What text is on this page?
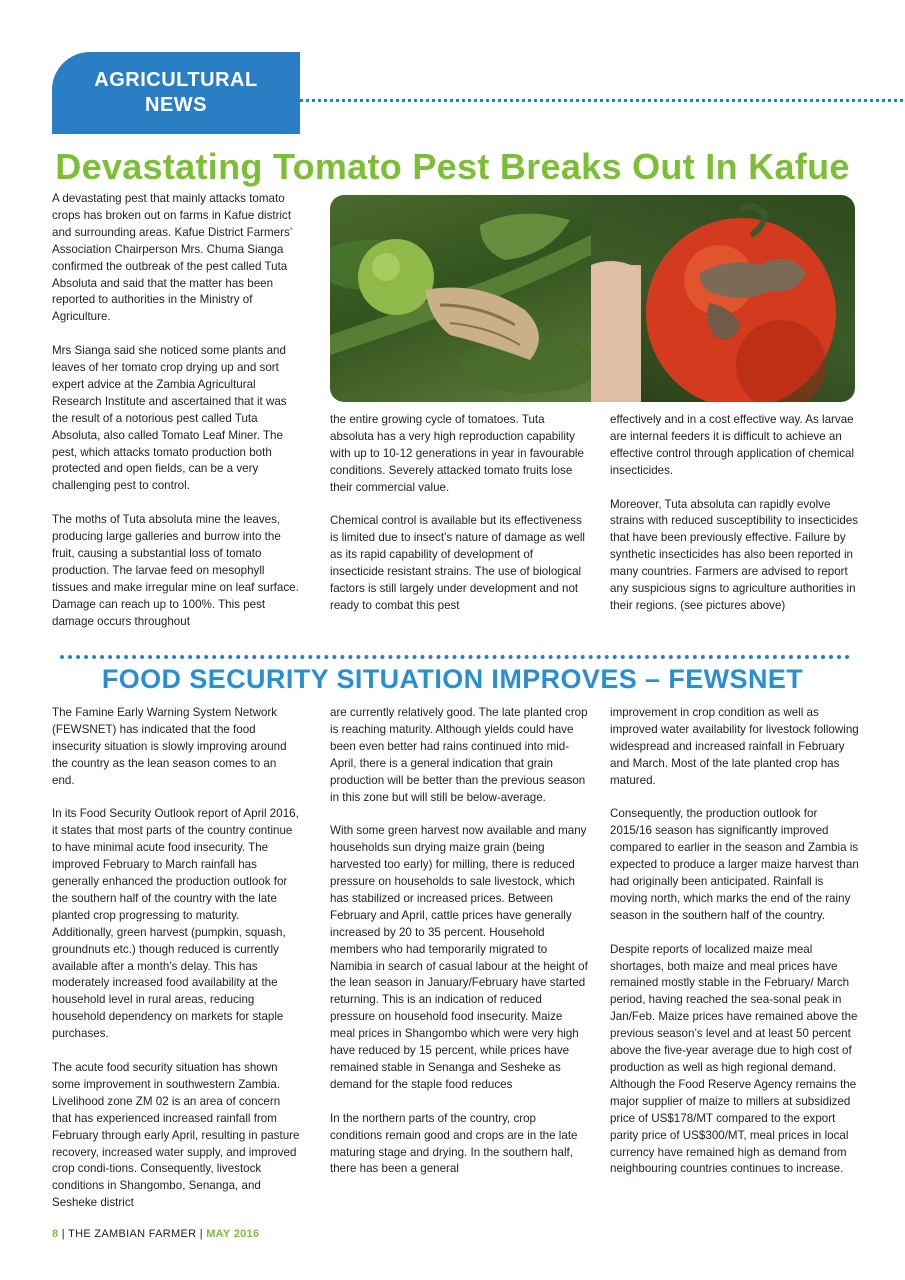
AGRICULTURAL
NEWS
Devastating Tomato Pest Breaks Out In Kafue

A devastating pest that mainly attacks tomato crops has broken out on farms in Kafue district and surrounding areas. Kafue District Farmers’ Association Chairperson Mrs. Chuma Sianga confirmed the outbreak of the pest called Tuta Absoluta and said that the matter has been reported to authorities in the Ministry of Agriculture.

Mrs Sianga said she noticed some plants and leaves of her tomato crop drying up and sort expert advice at the Zambia Agricultural Research Institute and ascertained that it was the result of a notorious pest called Tuta Absoluta, also called Tomato Leaf Miner. The pest, which attacks tomato production both protected and open fields, can be a very challenging pest to control.

The moths of Tuta absoluta mine the leaves, producing large galleries and burrow into the fruit, causing a substantial loss of tomato production. The larvae feed on mesophyll tissues and make irregular mine on leaf surface. Damage can reach up to 100%. This pest damage occurs throughout

the entire growing cycle of tomatoes. Tuta absoluta has a very high reproduction capability with up to 10-12 generations in year in favourable conditions. Severely attacked tomato fruits lose their commercial value.

Chemical control is available but its effectiveness is limited due to insect’s nature of damage as well as its rapid capability of development of insecticide resistant strains. The use of biological factors is still largely under development and not ready to combat this pest

effectively and in a cost effective way. As larvae are internal feeders it is difficult to achieve an effective control through application of chemical insecticides.

Moreover, Tuta absoluta can rapidly evolve strains with reduced susceptibility to insecticides that have been previously effective. Failure by synthetic insecticides has also been reported in many countries. Farmers are advised to report any suspicious signs to agriculture authorities in their regions. (see pictures above)

FOOD SECURITY SITUATION IMPROVES – FEWSNET

The Famine Early Warning System Network (FEWSNET) has indicated that the food insecurity situation is slowly improving around the country as the lean season comes to an end.

In its Food Security Outlook report of April 2016, it states that most parts of the country continue to have minimal acute food insecurity. The improved February to March rainfall has generally enhanced the production outlook for the southern half of the country with the late planted crop progressing to maturity. Additionally, green harvest (pumpkin, squash, groundnuts etc.) though reduced is currently available after a month’s delay. This has moderately increased food availability at the household level in rural areas, reducing household dependency on markets for staple purchases.

The acute food security situation has shown some improvement in southwestern Zambia. Livelihood zone ZM 02 is an area of concern that has experienced increased rainfall from February through early April, resulting in pasture recovery, increased water supply, and improved crop condi-tions. Consequently, livestock conditions in Shangombo, Senanga, and Sesheke district

are currently relatively good. The late planted crop is reaching maturity. Although yields could have been even better had rains continued into mid-April, there is a general indication that grain production will be better than the previous season in this zone but will still be below-average.

With some green harvest now available and many households sun drying maize grain (being harvested too early) for milling, there is reduced pressure on households to sale livestock, which has stabilized or increased prices. Between February and April, cattle prices have generally increased by 20 to 35 percent. Household members who had temporarily migrated to Namibia in search of casual labour at the height of the lean season in January/February have started returning. This is an indication of reduced pressure on household food insecurity. Maize meal prices in Shangombo which were very high have reduced by 15 percent, while prices have remained stable in Senanga and Sesheke as demand for the staple food reduces

In the northern parts of the country, crop conditions remain good and crops are in the late maturing stage and drying. In the southern half, there has been a general

improvement in crop condition as well as improved water availability for livestock following widespread and increased rainfall in February and March. Most of the late planted crop has matured.

Consequently, the production outlook for 2015/16 season has significantly improved compared to earlier in the season and Zambia is expected to produce a larger maize harvest than had originally been anticipated. Rainfall is moving north, which marks the end of the rainy season in the southern half of the country.

Despite reports of localized maize meal shortages, both maize and meal prices have remained mostly stable in the February/ March period, having reached the sea-sonal peak in Jan/Feb. Maize prices have remained above the previous season’s level and at least 50 percent above the five-year average due to high cost of production as well as high regional demand. Although the Food Reserve Agency remains the major supplier of maize to millers at subsidized price of US$178/MT compared to the export parity price of US$300/MT, meal prices in local currency have remained high as demand from neighbouring countries continues to increase.

8 | THE ZAMBIAN FARMER | MAY 2016
